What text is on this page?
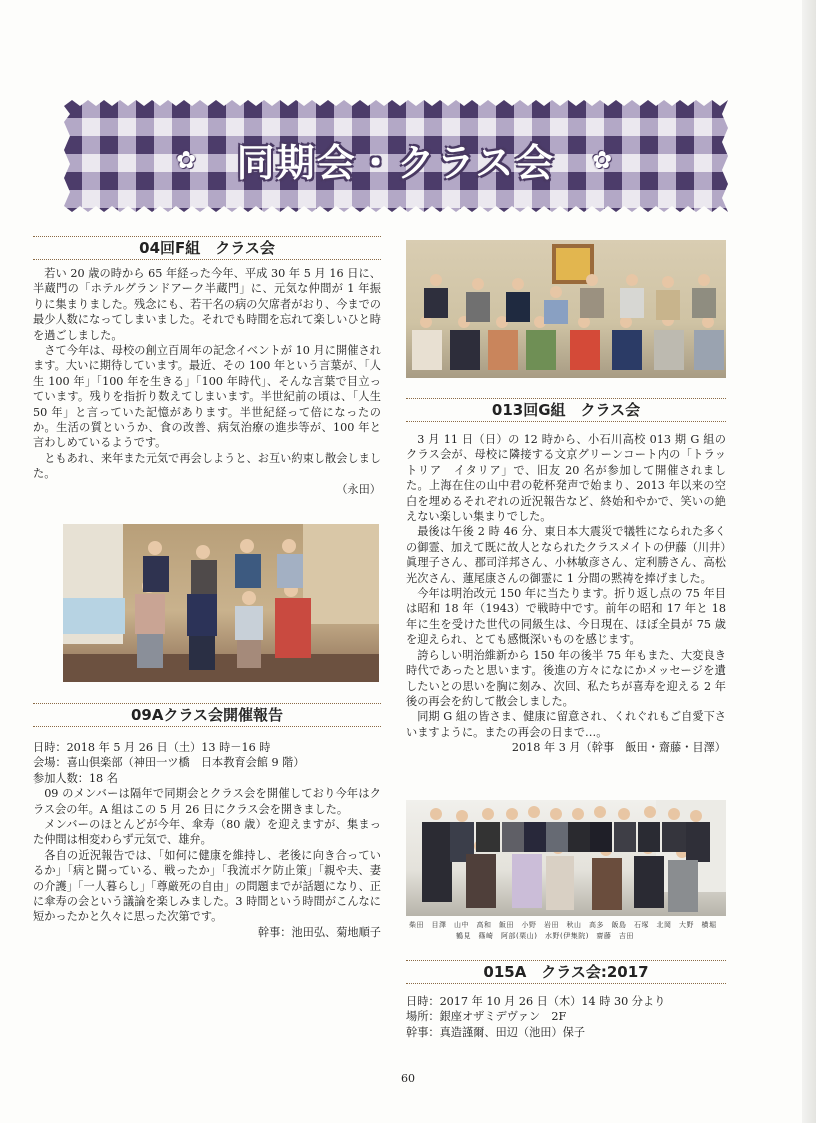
✿	同期会・クラス会	✿
04回F組　クラス会

若い 20 歳の時から 65 年経った今年、平成 30 年 5 月 16 日に、半蔵門の「ホテルグランドアーク半蔵門」に、元気な仲間が 1 年振りに集まりました。残念にも、若干名の病の欠席者がおり、今までの最少人数になってしまいました。それでも時間を忘れて楽しいひと時を過ごしました。

さて今年は、母校の創立百周年の記念イベントが 10 月に開催されます。大いに期待しています。最近、その 100 年という言葉が、「人生 100 年」「100 年を生きる」「100 年時代」、そんな言葉で目立っています。残りを指折り数えてしまいます。半世紀前の頃は、「人生 50 年」と言っていた記憶があります。半世紀経って倍になったのか。生活の質というか、食の改善、病気治療の進歩等が、100 年と言わしめているようです。

ともあれ、来年また元気で再会しようと、お互い約束し散会しました。

（永田）

09Aクラス会開催報告

日時：2018 年 5 月 26 日（土）13 時－16 時

会場：喜山倶楽部（神田一ツ橋　日本教育会館 9 階）

参加人数：18 名

09 のメンバーは隔年で同期会とクラス会を開催しており今年はクラス会の年。A 組はこの 5 月 26 日にクラス会を開きました。

メンバーのほとんどが今年、傘寿（80 歳）を迎えますが、集まった仲間は相変わらず元気で、雄弁。

各自の近況報告では、「如何に健康を維持し、老後に向き合っているか」「病と闘っている、戦ったか」「我流ボケ防止策」「親や夫、妻の介護」「一人暮らし」「尊厳死の自由」の問題までが話題になり、正に傘寿の会という議論を楽しみました。3 時間という時間がこんなに短かったかと久々に思った次第です。

幹事：池田弘、菊地順子

013回G組　クラス会

3 月 11 日（日）の 12 時から、小石川高校 013 期 G 組のクラス会が、母校に隣接する文京グリーンコート内の「トラットリア　イタリア」で、旧友 20 名が参加して開催されました。上海在住の山中君の乾杯発声で始まり、2013 年以来の空白を埋めるそれぞれの近況報告など、終始和やかで、笑いの絶えない楽しい集まりでした。

最後は午後 2 時 46 分、東日本大震災で犠牲になられた多くの御霊、加えて既に故人となられたクラスメイトの伊藤（川井）眞理子さん、郡司洋邦さん、小林敏彦さん、定利勝さん、高松光次さん、蓮尾康さんの御霊に 1 分間の黙祷を捧げました。

今年は明治改元 150 年に当たります。折り返し点の 75 年目は昭和 18 年（1943）で戦時中です。前年の昭和 17 年と 18 年に生を受けた世代の同級生は、今日現在、ほぼ全員が 75 歳を迎えられ、とても感慨深いものを感じます。

誇らしい明治維新から 150 年の後半 75 年もまた、大変良き時代であったと思います。後進の方々になにかメッセージを遺したいとの思いを胸に刻み、次回、私たちが喜寿を迎える 2 年後の再会を約して散会しました。

同期 G 組の皆さま、健康に留意され、くれぐれもご自愛下さいますように。またの再会の日まで…。

2018 年 3 月（幹事　飯田・齋藤・目澤）

柴田　目澤　山中　高和　飯田　小野　岩田　秋山　高多　飯島　石塚　北岡　大野　横堀
鶴見　篠崎　阿部(栗山)　水野(伊集院)　齋藤　吉田
015A　クラス会:2017

日時：2017 年 10 月 26 日（木）14 時 30 分より

場所：銀座オザミデヴァン　2F

幹事：真造謹爾、田辺（池田）保子

60
